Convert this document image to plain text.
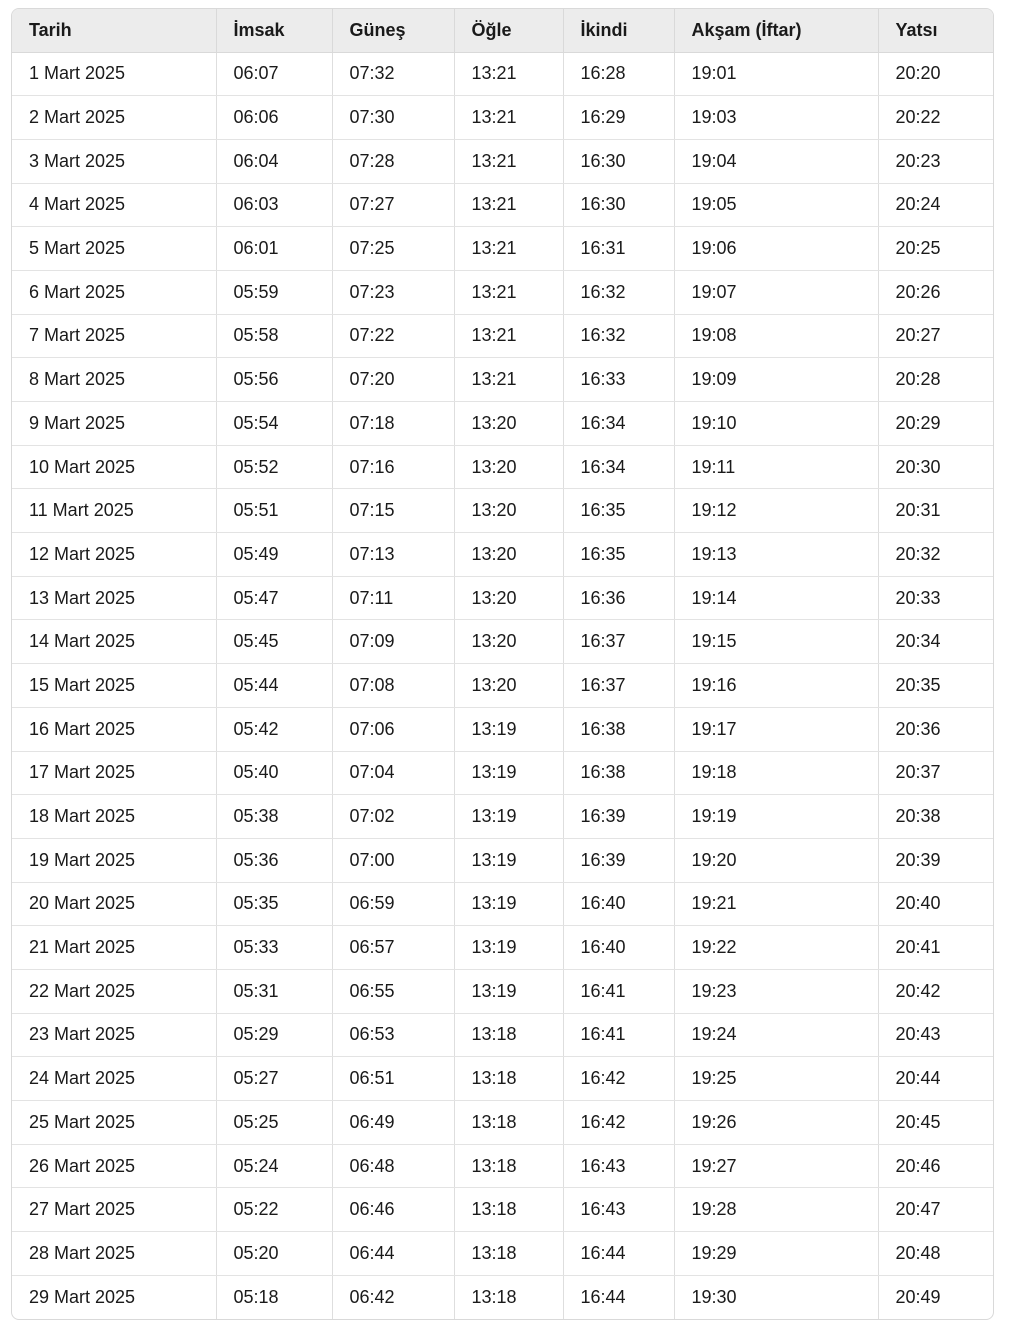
Tarih	İmsak	Güneş	Öğle	İkindi	Akşam (İftar)	Yatsı
1 Mart 2025	06:07	07:32	13:21	16:28	19:01	20:20
2 Mart 2025	06:06	07:30	13:21	16:29	19:03	20:22
3 Mart 2025	06:04	07:28	13:21	16:30	19:04	20:23
4 Mart 2025	06:03	07:27	13:21	16:30	19:05	20:24
5 Mart 2025	06:01	07:25	13:21	16:31	19:06	20:25
6 Mart 2025	05:59	07:23	13:21	16:32	19:07	20:26
7 Mart 2025	05:58	07:22	13:21	16:32	19:08	20:27
8 Mart 2025	05:56	07:20	13:21	16:33	19:09	20:28
9 Mart 2025	05:54	07:18	13:20	16:34	19:10	20:29
10 Mart 2025	05:52	07:16	13:20	16:34	19:11	20:30
11 Mart 2025	05:51	07:15	13:20	16:35	19:12	20:31
12 Mart 2025	05:49	07:13	13:20	16:35	19:13	20:32
13 Mart 2025	05:47	07:11	13:20	16:36	19:14	20:33
14 Mart 2025	05:45	07:09	13:20	16:37	19:15	20:34
15 Mart 2025	05:44	07:08	13:20	16:37	19:16	20:35
16 Mart 2025	05:42	07:06	13:19	16:38	19:17	20:36
17 Mart 2025	05:40	07:04	13:19	16:38	19:18	20:37
18 Mart 2025	05:38	07:02	13:19	16:39	19:19	20:38
19 Mart 2025	05:36	07:00	13:19	16:39	19:20	20:39
20 Mart 2025	05:35	06:59	13:19	16:40	19:21	20:40
21 Mart 2025	05:33	06:57	13:19	16:40	19:22	20:41
22 Mart 2025	05:31	06:55	13:19	16:41	19:23	20:42
23 Mart 2025	05:29	06:53	13:18	16:41	19:24	20:43
24 Mart 2025	05:27	06:51	13:18	16:42	19:25	20:44
25 Mart 2025	05:25	06:49	13:18	16:42	19:26	20:45
26 Mart 2025	05:24	06:48	13:18	16:43	19:27	20:46
27 Mart 2025	05:22	06:46	13:18	16:43	19:28	20:47
28 Mart 2025	05:20	06:44	13:18	16:44	19:29	20:48
29 Mart 2025	05:18	06:42	13:18	16:44	19:30	20:49
